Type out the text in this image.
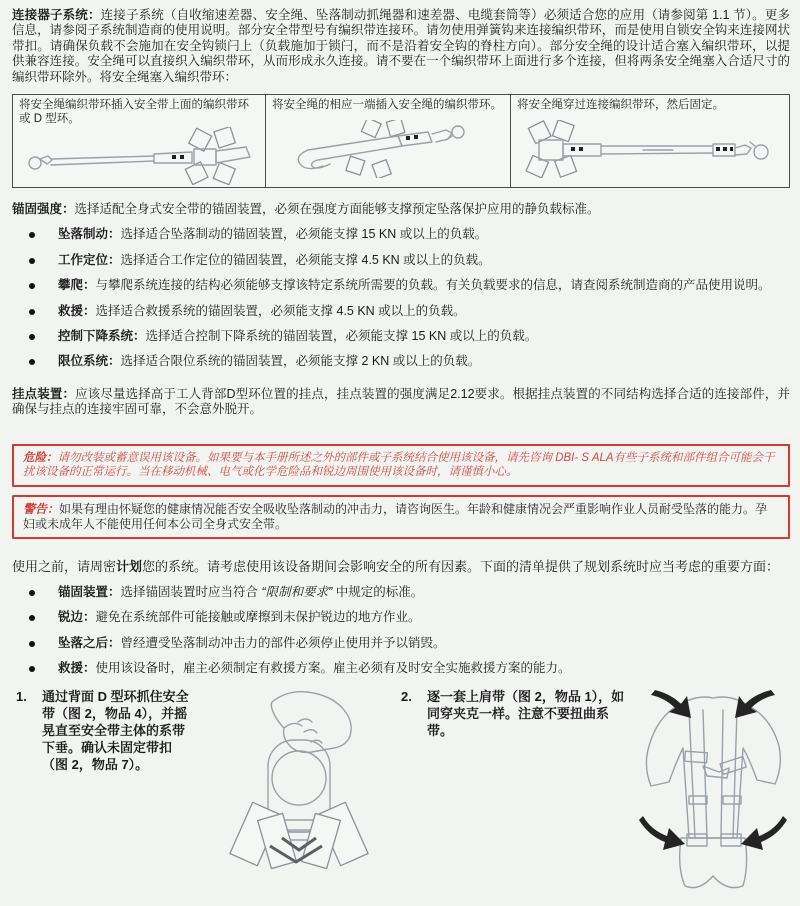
连接器子系统：连接子系统（自收缩速差器、安全绳、坠落制动抓绳器和速差器、电缆套筒等）必须适合您的应用（请参阅第 1.1 节）。更多信息，请参阅子系统制造商的使用说明。部分安全带型号有编织带连接环。请勿使用弹簧钩来连接编织带环，而是使用自锁安全钩来连接网状带扣。请确保负载不会施加在安全钩锁闩上（负载施加于锁闩，而不是沿着安全钩的脊柱方向）。部分安全绳的设计适合塞入编织带环，以提供兼容连接。安全绳可以直接织入编织带环，从而形成永久连接。请不要在一个编织带环上面进行多个连接，但将两条安全绳塞入合适尺寸的编织带环除外。将安全绳塞入编织带环：

将安全绳编织带环插入安全带上面的编织带环或 D 型环。
将安全绳的相应一端插入安全绳的编织带环。 将安全绳穿过连接编织带环，然后固定。

锚固强度：选择适配全身式安全带的锚固装置，必须在强度方面能够支撑预定坠落保护应用的静负载标准。

坠落制动：选择适合坠落制动的锚固装置，必须能支撑 15 KN 或以上的负载。
工作定位：选择适合工作定位的锚固装置，必须能支撑 4.5 KN 或以上的负载。
攀爬：与攀爬系统连接的结构必须能够支撑该特定系统所需要的负载。有关负载要求的信息，请查阅系统制造商的产品使用说明。
救援：选择适合救援系统的锚固装置，必须能支撑 4.5 KN 或以上的负载。
控制下降系统：选择适合控制下降系统的锚固装置，必须能支撑 15 KN 或以上的负载。
限位系统：选择适合限位系统的锚固装置，必须能支撑 2 KN 或以上的负载。

挂点装置：应该尽量选择高于工人背部D型环位置的挂点，挂点装置的强度满足2.12要求。根据挂点装置的不同结构选择合适的连接部件，并确保与挂点的连接牢固可靠，不会意外脱开。

危险：请勿改装或蓄意误用该设备。如果要与本手册所述之外的部件或子系统结合使用该设备，请先咨询 DBI- S ALA有些子系统和部件组合可能会干扰该设备的正常运行。当在移动机械、电气或化学危险品和锐边周围使用该设备时，请谨慎小心。
警告：如果有理由怀疑您的健康情况能否安全吸收坠落制动的冲击力，请咨询医生。年龄和健康情况会严重影响作业人员耐受坠落的能力。孕妇或未成年人不能使用任何本公司全身式安全带。

使用之前，请周密计划您的系统。请考虑使用该设备期间会影响安全的所有因素。下面的清单提供了规划系统时应当考虑的重要方面：

锚固装置：选择锚固装置时应当符合 “限制和要求” 中规定的标准。
锐边：避免在系统部件可能接触或摩擦到未保护锐边的地方作业。
坠落之后：曾经遭受坠落制动冲击力的部件必须停止使用并予以销毁。
救援：使用该设备时，雇主必须制定有救援方案。雇主必须有及时安全实施救援方案的能力。
1.	通过背面 D 型环抓住安全带（图 2，物品 4），并摇晃直至安全带主体的系带下垂。确认未固定带扣（图 2，物品 7）。
2.	逐一套上肩带（图 2，物品 1），如同穿夹克一样。注意不要扭曲系带。
